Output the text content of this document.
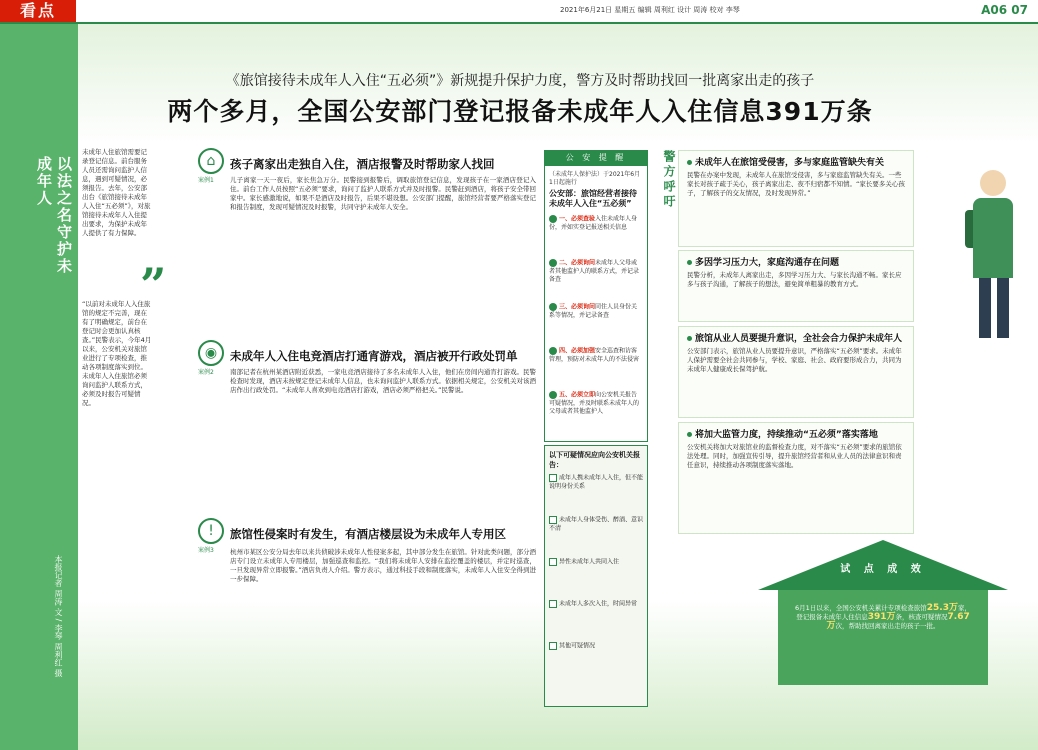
看点	2021年6月21日 星期五 编辑 周利红 设计 周涛 校对 李琴	A06 07
《旅馆接待未成年人入住“五必须”》新规提升保护力度，警方及时帮助找回一批离家出走的孩子
两个多月，全国公安部门登记报备未成年人入住信息391万条
以法之名守护未成年人
未成年人住旅馆需要记录登记信息。前台服务人员还需询问监护人信息，遇到可疑情况，必须报告。去年，公安部出台《旅馆接待未成年人入住“五必须”》，对旅馆接待未成年人入住提出要求，为保护未成年人提供了有力保障。
”
“以前对未成年人入住旅馆的规定不完善，现在有了明确规定，前台在登记时会更加认真核查。”民警表示，今年4月以来，公安机关对旅馆业进行了专项检查，推动各项制度落实到位。未成年人入住旅馆必须询问监护人联系方式，必须及时报告可疑情况。
本报记者 周涛 文 / 李琴 周利红 摄
⌂
案例1
孩子离家出走独自入住，酒店报警及时帮助家人找回
儿子离家一天一夜后，家长焦急万分。民警接到报警后，调取旅馆登记信息，发现孩子在一家酒店登记入住。前台工作人员按照“五必须”要求，询问了监护人联系方式并及时报警。民警赶到酒店，将孩子安全带回家中。家长感激地说，如果不是酒店及时报告，后果不堪设想。公安部门提醒，旅馆经营者要严格落实登记和报告制度，发现可疑情况及时报警，共同守护未成年人安全。
◉
案例2
未成年人入住电竞酒店打通宵游戏，酒店被开行政处罚单
南部记者在杭州某酒店附近获悉，一家电竞酒店接待了多名未成年人入住，他们在房间内通宵打游戏。民警检查时发现，酒店未按规定登记未成年人信息，也未询问监护人联系方式。依据相关规定，公安机关对该酒店作出行政处罚。“未成年人喜欢到电竞酒店打游戏，酒店必须严格把关。”民警说。
!
案例3
旅馆性侵案时有发生，有酒店楼层设为未成年人专用区
杭州市某区公安分局去年以来共侦破涉未成年人性侵案多起，其中部分发生在旅馆。针对此类问题，部分酒店专门设立未成年人专用楼层，加强巡查和监控。“我们将未成年人安排在监控覆盖的楼层，并定时巡查，一旦发现异常立即报警。”酒店负责人介绍。警方表示，通过科技手段和制度落实，未成年人入住安全得到进一步保障。
公 安 提 醒
（未成年人保护法）于2021年6月1日起施行
公安部：旅馆经营者接待未成年人入住“五必须”
一、必须查验入住未成年人身份，并如实登记报送相关信息
二、必须询问未成年人父母或者其他监护人的联系方式，并记录备查
三、必须询问同住人员身份关系等情况，并记录备查
四、必须加强安全巡查和访客管理，预防对未成年人的不法侵害
五、必须立即向公安机关报告可疑情况，并及时联系未成年人的父母或者其他监护人
以下可疑情况应向公安机关报告：
成年人携未成年人入住，但不能说明身份关系
未成年人身体受伤、醉酒、意识不清
异性未成年人共同入住
未成年人多次入住，时间异常
其他可疑情况
警方呼吁	未成年人在旅馆受侵害，多与家庭监管缺失有关
民警在办案中发现，未成年人在旅馆受侵害，多与家庭监管缺失有关。一些家长对孩子疏于关心，孩子离家出走、夜不归宿都不知情。“家长要多关心孩子，了解孩子的交友情况，及时发现异常。”
多因学习压力大，家庭沟通存在问题
民警分析，未成年人离家出走，多因学习压力大、与家长沟通不畅。家长应多与孩子沟通，了解孩子的想法，避免简单粗暴的教育方式。
旅馆从业人员要提升意识，全社会合力保护未成年人
公安部门表示，旅馆从业人员要提升意识，严格落实“五必须”要求。未成年人保护需要全社会共同参与，学校、家庭、社会、政府要形成合力，共同为未成年人健康成长保驾护航。
将加大监管力度，持续推动“五必须”落实落地
公安机关将加大对旅馆业的监督检查力度，对不落实“五必须”要求的旅馆依法处理。同时，加强宣传引导，提升旅馆经营者和从业人员的法律意识和责任意识，持续推动各项制度落实落地。
试 点 成 效
6月1日以来，全国公安机关累计专项检查旅馆25.3万家，登记报备未成年人住信息391万条，核查可疑情况7.67万次，帮助找回离家出走的孩子一批。
